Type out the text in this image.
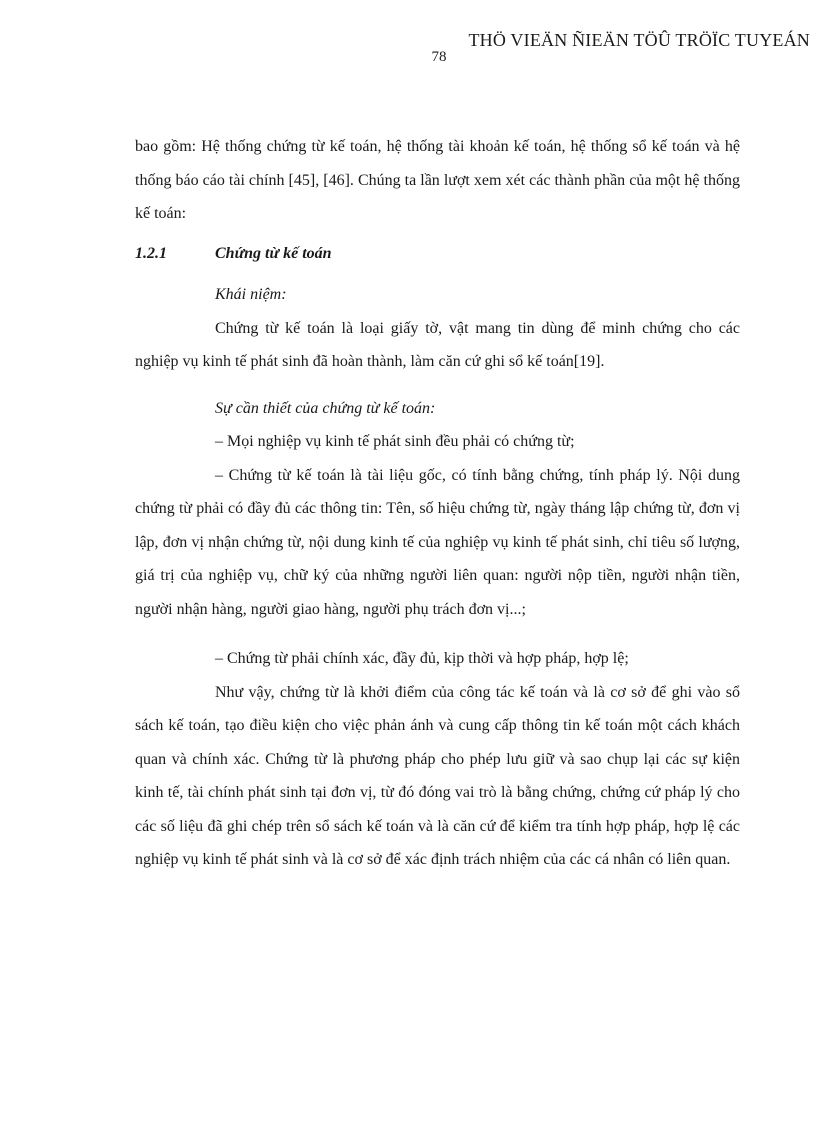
THÖ VIEÄN ÑIEÄN TÖÛ TRÖÏC TUYEÁN
78

bao gồm: Hệ thống chứng từ kế toán, hệ thống tài khoản kế toán, hệ thống sổ kế toán và hệ thống báo cáo tài chính [45], [46]. Chúng ta lần lượt xem xét các thành phần của một hệ thống kế toán:

1.2.1	Chứng từ kế toán

Khái niệm:

Chứng từ kế toán là loại giấy tờ, vật mang tin dùng để minh chứng cho các nghiệp vụ kinh tế phát sinh đã hoàn thành, làm căn cứ ghi sổ kế toán[19].

Sự cần thiết của chứng từ kế toán:

– Mọi nghiệp vụ kinh tế phát sinh đều phải có chứng từ;

– Chứng từ kế toán là tài liệu gốc, có tính bằng chứng, tính pháp lý. Nội dung chứng từ phải có đầy đủ các thông tin: Tên, số hiệu chứng từ, ngày tháng lập chứng từ, đơn vị lập, đơn vị nhận chứng từ, nội dung kinh tế của nghiệp vụ kinh tế phát sinh, chỉ tiêu số lượng, giá trị của nghiệp vụ, chữ ký của những người liên quan: người nộp tiền, người nhận tiền, người nhận hàng, người giao hàng, người phụ trách đơn vị...;

– Chứng từ phải chính xác, đầy đủ, kịp thời và hợp pháp, hợp lệ;

Như vậy, chứng từ là khởi điểm của công tác kế toán và là cơ sở để ghi vào sổ sách kế toán, tạo điều kiện cho việc phản ánh và cung cấp thông tin kế toán một cách khách quan và chính xác. Chứng từ là phương pháp cho phép lưu giữ và sao chụp lại các sự kiện kinh tế, tài chính phát sinh tại đơn vị, từ đó đóng vai trò là bằng chứng, chứng cứ pháp lý cho các số liệu đã ghi chép trên sổ sách kế toán và là căn cứ để kiểm tra tính hợp pháp, hợp lệ các nghiệp vụ kinh tế phát sinh và là cơ sở để xác định trách nhiệm của các cá nhân có liên quan.
